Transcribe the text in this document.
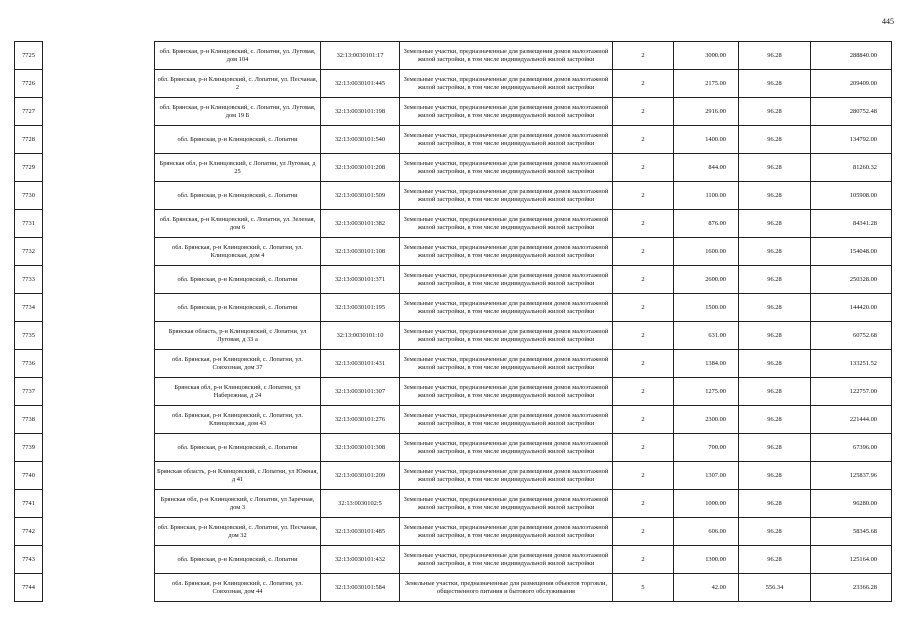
445
7725		обл. Брянская, р-н Клинцовский, с. Лопатни, ул. Луговая, дом 104	32:13:0030101:17	Земельные участки, предназначенные для размещения домов малоэтажной жилой застройки, в том числе индивидуальной жилой застройки	2	3000.00	96.28	288840.00
7726		обл. Брянская, р-н Клинцовский, с. Лопатни, ул. Песчаная, 2	32:13:0030101:445	Земельные участки, предназначенные для размещения домов малоэтажной жилой застройки, в том числе индивидуальной жилой застройки	2	2175.00	96.28	209409.00
7727		обл. Брянская, р-н Клинцовский, с. Лопатни, ул. Луговая, дом 19 Б	32:13:0030101:198	Земельные участки, предназначенные для размещения домов малоэтажной жилой застройки, в том числе индивидуальной жилой застройки	2	2916.00	96.28	280752.48
7728		обл. Брянская, р-н Клинцовский, с. Лопатни	32:13:0030101:540	Земельные участки, предназначенные для размещения домов малоэтажной жилой застройки, в том числе индивидуальной жилой застройки	2	1400.00	96.28	134792.00
7729		Брянская обл, р-н Клинцовский, с Лопатни, ул Луговая, д 25	32:13:0030101:208	Земельные участки, предназначенные для размещения домов малоэтажной жилой застройки, в том числе индивидуальной жилой застройки	2	844.00	96.28	81260.32
7730		обл. Брянская, р-н Клинцовский, с. Лопатни	32:13:0030101:509	Земельные участки, предназначенные для размещения домов малоэтажной жилой застройки, в том числе индивидуальной жилой застройки	2	1100.00	96.28	105908.00
7731		обл. Брянская, р-н Клинцовский, с. Лопатни, ул. Зеленая, дом 6	32:13:0030101:382	Земельные участки, предназначенные для размещения домов малоэтажной жилой застройки, в том числе индивидуальной жилой застройки	2	876.00	96.28	84341.28
7732		обл. Брянская, р-н Клинцовский, с. Лопатни, ул. Клинцовская, дом 4	32:13:0030101:108	Земельные участки, предназначенные для размещения домов малоэтажной жилой застройки, в том числе индивидуальной жилой застройки	2	1600.00	96.28	154048.00
7733		обл. Брянская, р-н Клинцовский, с. Лопатни	32:13:0030101:371	Земельные участки, предназначенные для размещения домов малоэтажной жилой застройки, в том числе индивидуальной жилой застройки	2	2600.00	96.28	250328.00
7734		обл. Брянская, р-н Клинцовский, с. Лопатни	32:13:0030101:195	Земельные участки, предназначенные для размещения домов малоэтажной жилой застройки, в том числе индивидуальной жилой застройки	2	1500.00	96.28	144420.00
7735		Брянская область, р-н Клинцовский, с Лопатни, ул Луговая, д 33 а	32:13:0030101:10	Земельные участки, предназначенные для размещения домов малоэтажной жилой застройки, в том числе индивидуальной жилой застройки	2	631.00	96.28	60752.68
7736		обл. Брянская, р-н Клинцовский, с. Лопатни, ул. Совхозная, дом 37	32:13:0030101:431	Земельные участки, предназначенные для размещения домов малоэтажной жилой застройки, в том числе индивидуальной жилой застройки	2	1384.00	96.28	133251.52
7737		Брянская обл, р-н Клинцовский, с Лопатни, ул Набережная, д 24	32:13:0030101:307	Земельные участки, предназначенные для размещения домов малоэтажной жилой застройки, в том числе индивидуальной жилой застройки	2	1275.00	96.28	122757.00
7738		обл. Брянская, р-н Клинцовский, с. Лопатни, ул. Клинцовская, дом 43	32:13:0030101:276	Земельные участки, предназначенные для размещения домов малоэтажной жилой застройки, в том числе индивидуальной жилой застройки	2	2300.00	96.28	221444.00
7739		обл. Брянская, р-н Клинцовский, с. Лопатни	32:13:0030101:308	Земельные участки, предназначенные для размещения домов малоэтажной жилой застройки, в том числе индивидуальной жилой застройки	2	700.00	96.28	67396.00
7740		Брянская область, р-н Клинцовский, с Лопатни, ул Южная, д 41	32:13:0030101:209	Земельные участки, предназначенные для размещения домов малоэтажной жилой застройки, в том числе индивидуальной жилой застройки	2	1307.00	96.28	125837.96
7741		Брянская обл, р-н Клинцовский, с Лопатни, ул Заречная, дом 3	32:13:0030102:5	Земельные участки, предназначенные для размещения домов малоэтажной жилой застройки, в том числе индивидуальной жилой застройки	2	1000.00	96.28	96280.00
7742		обл. Брянская, р-н Клинцовский, с. Лопатни, ул. Песчаная, дом 32	32:13:0030101:485	Земельные участки, предназначенные для размещения домов малоэтажной жилой застройки, в том числе индивидуальной жилой застройки	2	606.00	96.28	58345.68
7743		обл. Брянская, р-н Клинцовский, с. Лопатни	32:13:0030101:432	Земельные участки, предназначенные для размещения домов малоэтажной жилой застройки, в том числе индивидуальной жилой застройки	2	1300.00	96.28	125164.00
7744		обл. Брянская, р-н Клинцовский, с. Лопатни, ул. Совхозная, дом 44	32:13:0030101:584	Земельные участки, предназначенные для размещения объектов торговли, общественного питания и бытового обслуживания	5	42.00	556.34	23366.28
